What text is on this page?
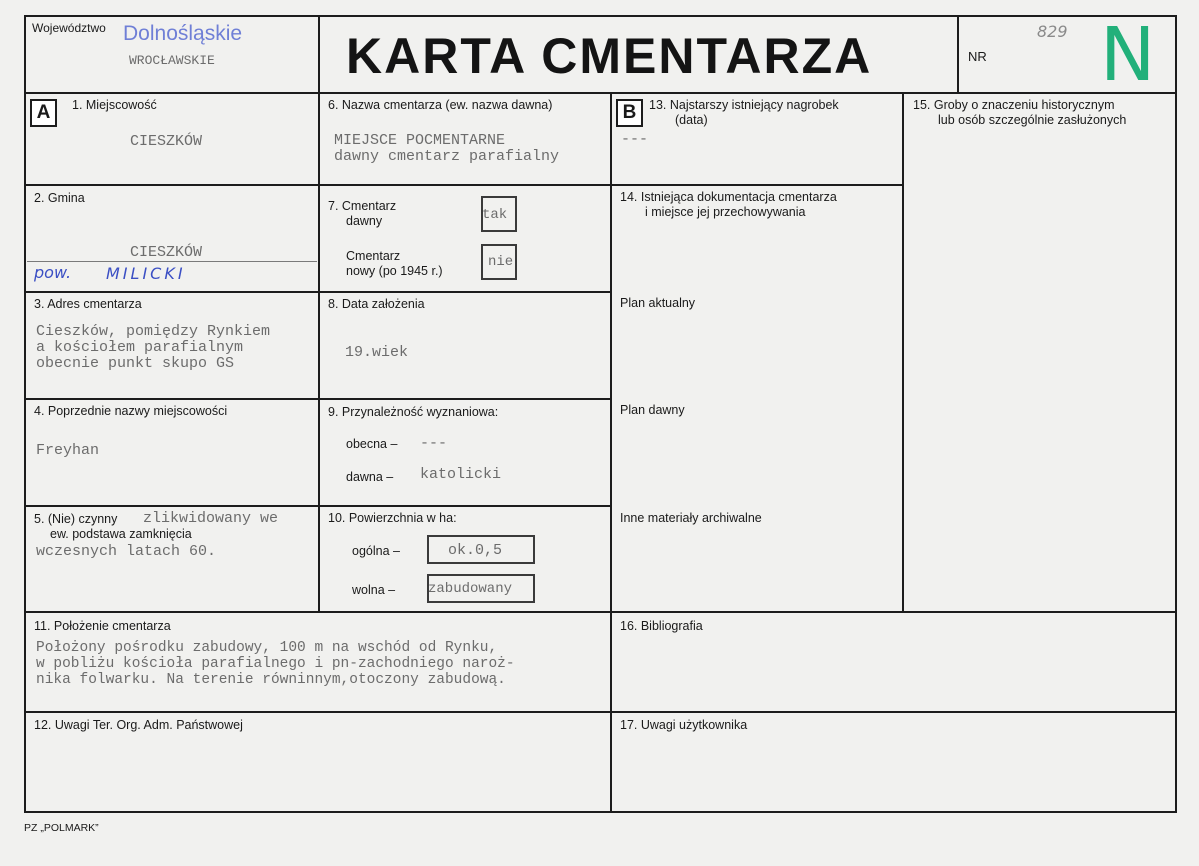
Województwo Dolnośląskie
WROCŁAWSKIE	KARTA CMENTARZA	NR
829 N
A	B
1. Miejscowość
CIESZKÓW
2. Gmina
CIESZKÓW
pow. MILICKI
3. Adres cmentarza
Cieszków, pomiędzy Rynkiem
a kościołem parafialnym
obecnie punkt skupo GS
4. Poprzednie nazwy miejscowości
Freyhan
5. (Nie) czynny
ew. podstawa zamknięcia
zlikwidowany we
wczesnych latach 60.
6. Nazwa cmentarza (ew. nazwa dawna)
MIEJSCE POCMENTARNE
dawny cmentarz parafialny
7. Cmentarz
dawny	tak
Cmentarz
nowy (po 1945 r.)
nie
8. Data założenia
19.wiek
9. Przynależność wyznaniowa:
obecna – ---
dawna – katolicki
10. Powierzchnia w ha:
ogólna –	ok.0,5
wolna – zabudowany
11. Położenie cmentarza
Położony pośrodku zabudowy, 100 m na wschód od Rynku,
w pobliżu kościoła parafialnego i pn-zachodniego naroż-
nika folwarku. Na terenie równinnym,otoczony zabudową.
12. Uwagi Ter. Org. Adm. Państwowej
13. Najstarszy istniejący nagrobek
(data)
---
14. Istniejąca dokumentacja cmentarza
i miejsce jej przechowywania
Plan aktualny
Plan dawny
Inne materiały archiwalne
15. Groby o znaczeniu historycznym
lub osób szczególnie zasłużonych
16. Bibliografia
17. Uwagi użytkownika
PZ „POLMARK”
